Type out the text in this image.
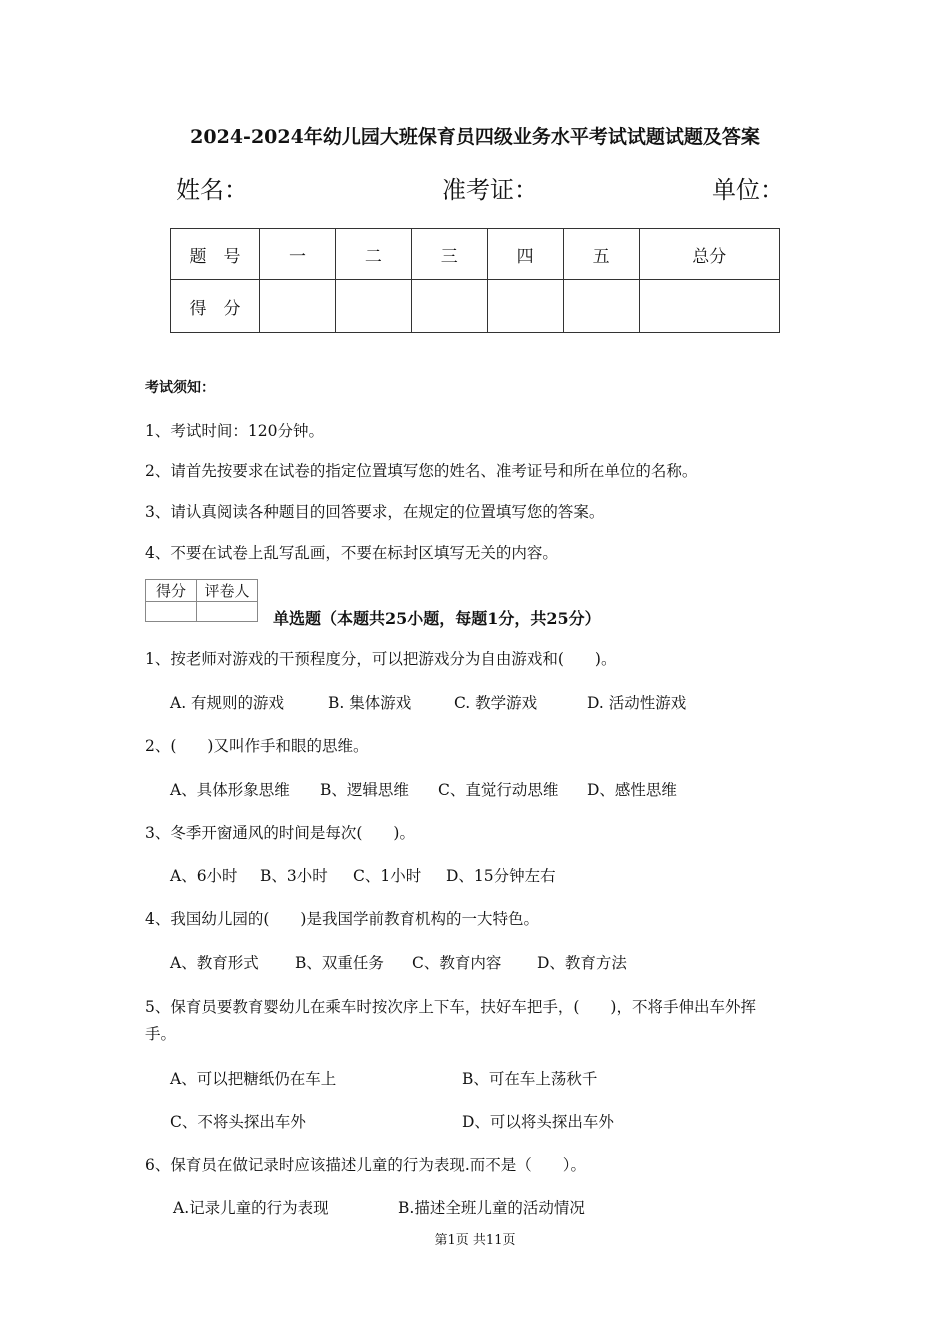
2024-2024年幼儿园大班保育员四级业务水平考试试题试题及答案
姓名：	准考证：	单位：
题　号	一	二	三	四	五	总分
得　分						
考试须知：
1、考试时间：120分钟。
2、请首先按要求在试卷的指定位置填写您的姓名、准考证号和所在单位的名称。
3、请认真阅读各种题目的回答要求，在规定的位置填写您的答案。
4、不要在试卷上乱写乱画，不要在标封区填写无关的内容。
得分	评卷人

单选题（本题共25小题，每题1分，共25分）
1、按老师对游戏的干预程度分，可以把游戏分为自由游戏和(　　)。
A. 有规则的游戏	B. 集体游戏	C. 教学游戏	D. 活动性游戏
2、(　　)又叫作手和眼的思维。
A、具体形象思维 B、逻辑思维 C、直觉行动思维 D、感性思维
3、冬季开窗通风的时间是每次(　　)。
A、6小时 B、3小时 C、1小时 D、15分钟左右
4、我国幼儿园的(　　)是我国学前教育机构的一大特色。
A、教育形式 B、双重任务 C、教育内容 D、教育方法
5、保育员要教育婴幼儿在乘车时按次序上下车，扶好车把手，(　　)，不将手伸出车外挥
手。
A、可以把糖纸仍在车上	B、可在车上荡秋千
C、不将头探出车外	D、可以将头探出车外
6、保育员在做记录时应该描述儿童的行为表现.而不是（　　）。
A.记录儿童的行为表现	B.描述全班儿童的活动情况
第1页 共11页
